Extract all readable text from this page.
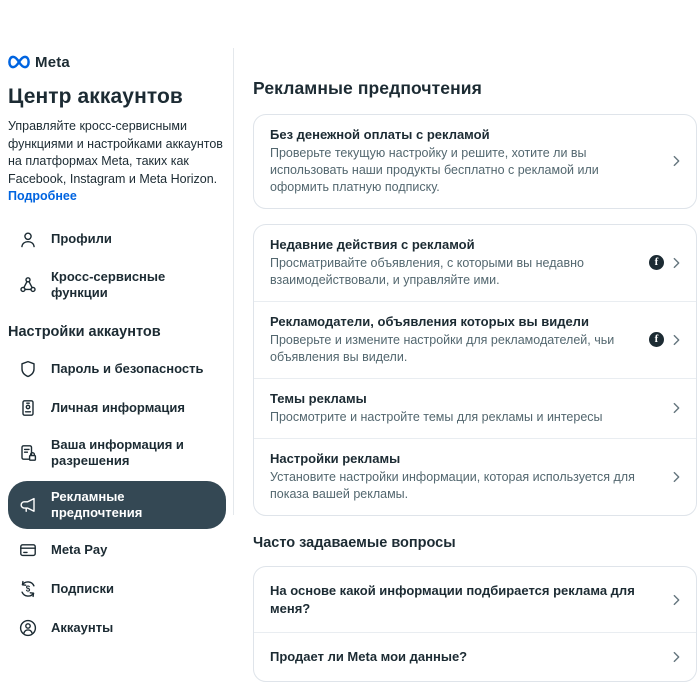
Meta
Центр аккаунтов
Управляйте кросс-сервисными функциями и настройками аккаунтов на платформах Meta, таких как Facebook, Instagram и Meta Horizon. Подробнее
Профили
Кросс-сервисные функции
Настройки аккаунтов
Пароль и безопасность
Личная информация
Ваша информация и разрешения
Рекламные предпочтения
Meta Pay
$ Подписки
Аккаунты
Рекламные предпочтения
Без денежной оплаты с рекламой
Проверьте текущую настройку и решите, хотите ли вы использовать наши продукты бесплатно с рекламой или оформить платную подписку.
Недавние действия с рекламой
Просматривайте объявления, с которыми вы недавно взаимодействовали, и управляйте ими.
f
Рекламодатели, объявления которых вы видели
Проверьте и измените настройки для рекламодателей, чьи объявления вы видели.
f
Темы рекламы
Просмотрите и настройте темы для рекламы и интересы
Настройки рекламы
Установите настройки информации, которая используется для показа вашей рекламы.
Часто задаваемые вопросы
На основе какой информации подбирается реклама для меня?
Продает ли Meta мои данные?
